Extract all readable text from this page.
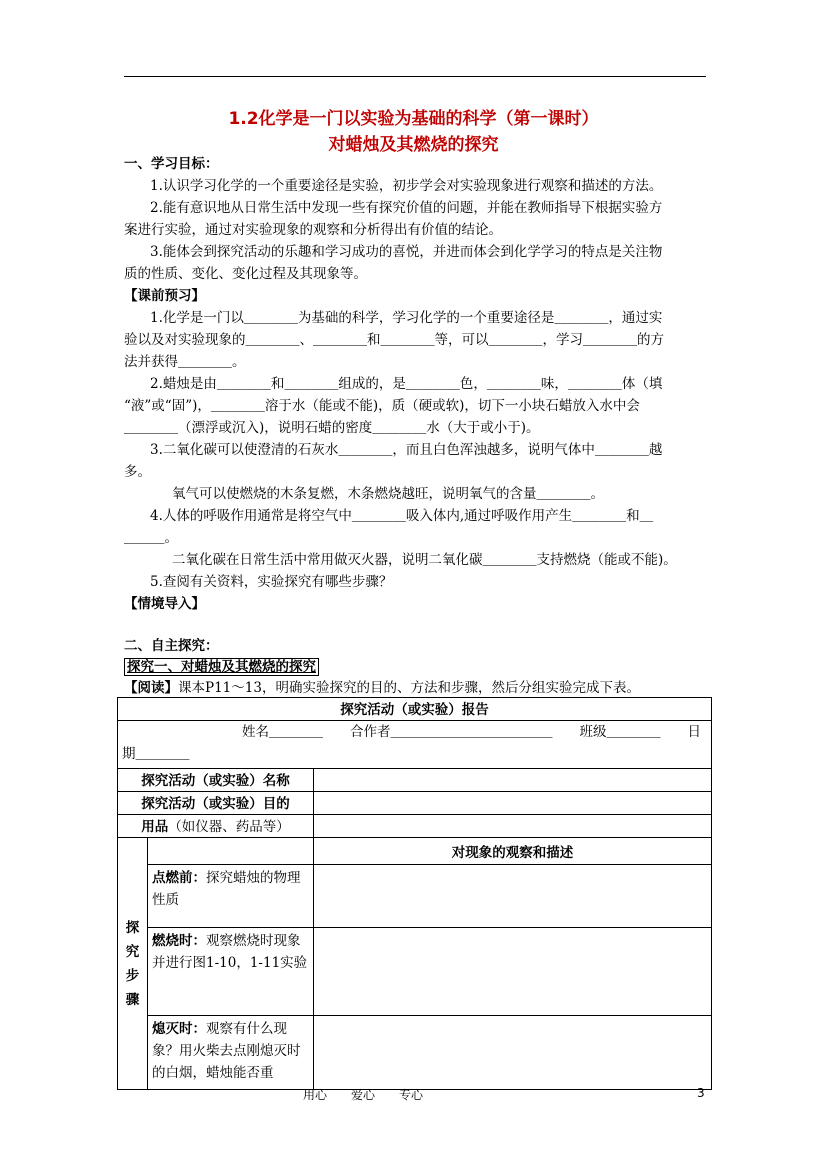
1.2化学是一门以实验为基础的科学（第一课时）
对蜡烛及其燃烧的探究
一、学习目标：
1.认识学习化学的一个重要途径是实验，初步学会对实验现象进行观察和描述的方法。
2.能有意识地从日常生活中发现一些有探究价值的问题，并能在教师指导下根据实验方
案进行实验，通过对实验现象的观察和分析得出有价值的结论。
3.能体会到探究活动的乐趣和学习成功的喜悦，并进而体会到化学学习的特点是关注物
质的性质、变化、变化过程及其现象等。
【课前预习】
1.化学是一门以＿＿＿＿为基础的科学，学习化学的一个重要途径是＿＿＿＿，通过实
验以及对实验现象的＿＿＿＿、＿＿＿＿和＿＿＿＿等，可以＿＿＿＿，学习＿＿＿＿的方
法并获得＿＿＿＿。
2.蜡烛是由＿＿＿＿和＿＿＿＿组成的，是＿＿＿＿色，＿＿＿＿味，＿＿＿＿体（填
“液”或“固”)，＿＿＿＿溶于水（能或不能)，质（硬或软)，切下一小块石蜡放入水中会
＿＿＿＿（漂浮或沉入)，说明石蜡的密度＿＿＿＿水（大于或小于)。
3.二氧化碳可以使澄清的石灰水＿＿＿＿，而且白色浑浊越多，说明气体中＿＿＿＿越
多。
氧气可以使燃烧的木条复燃，木条燃烧越旺，说明氧气的含量＿＿＿＿。
4.人体的呼吸作用通常是将空气中＿＿＿＿吸入体内,通过呼吸作用产生＿＿＿＿和＿
＿＿＿。
二氧化碳在日常生活中常用做灭火器，说明二氧化碳＿＿＿＿支持燃烧（能或不能)。
5.查阅有关资料，实验探究有哪些步骤？
【情境导入】
二、自主探究：
探究一、对蜡烛及其燃烧的探究
【阅读】课本P11～13，明确实验探究的目的、方法和步骤，然后分组实验完成下表。
探究活动（或实验）报告		

姓名＿＿＿＿　　合作者＿＿＿＿＿＿＿＿＿＿＿＿　　班级＿＿＿＿　　日
期＿＿＿＿		

探究活动（或实验）名称		
探究活动（或实验）目的		
用品（如仪器、药品等）		

探
究
步
骤		对现象的观察和描述
	点燃前：探究蜡烛的物理性质	
	燃烧时：观察燃烧时现象并进行图1-10，1-11实验	
	熄灭时：观察有什么现象？用火柴去点刚熄灭时的白烟，蜡烛能否重	
用心　　爱心　　专心	3
